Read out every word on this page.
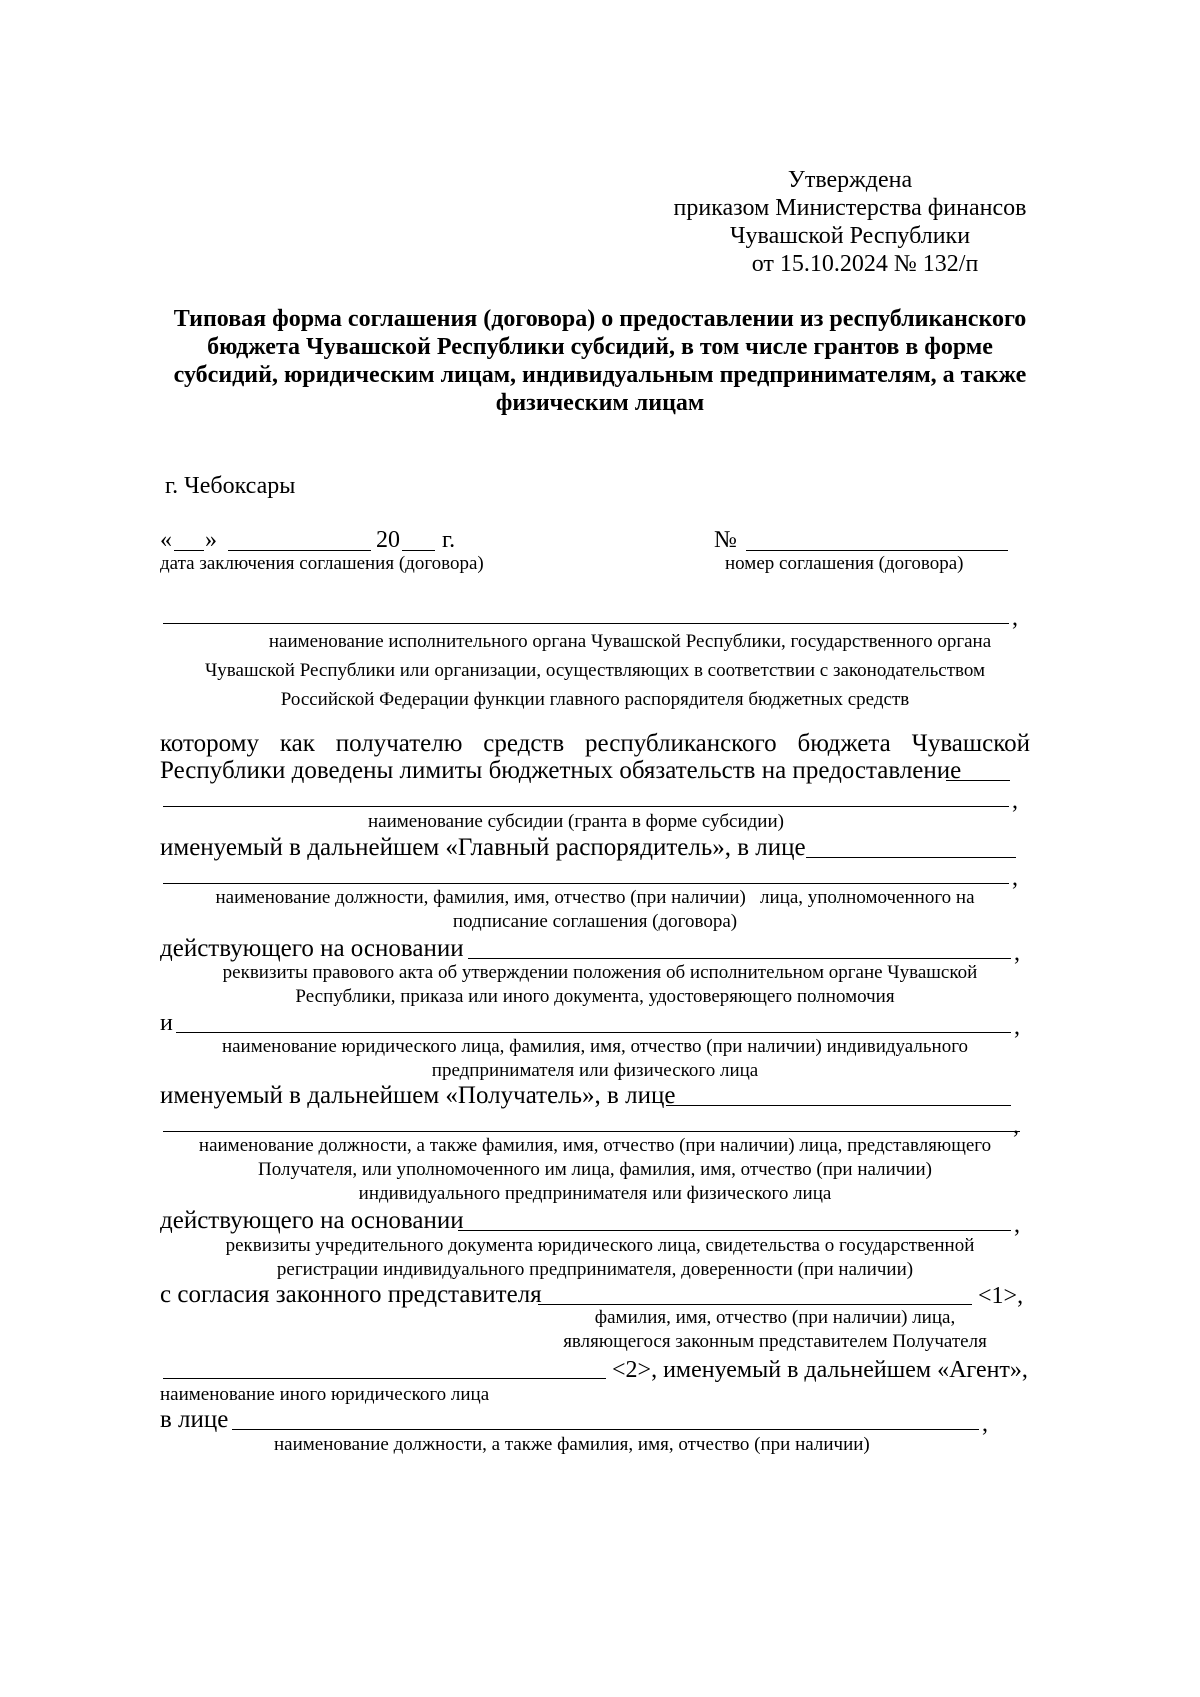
Утверждена
приказом Министерства финансов
Чувашской Республики
от 15.10.2024 № 132/п
Типовая форма соглашения (договора) о предоставлении из республиканского
бюджета Чувашской Республики субсидий, в том числе грантов в форме
субсидий, юридическим лицам, индивидуальным предпринимателям, а также
физическим лицам
г. Чебоксары
« »	20 г.
дата заключения соглашения (договора)
№
номер соглашения (договора)
,
наименование исполнительного органа Чувашской Республики, государственного органа
Чувашской Республики или организации, осуществляющих в соответствии с законодательством
Российской Федерации функции главного распорядителя бюджетных средств
которому как получателю средств республиканского бюджета Чувашской
Республики доведены лимиты бюджетных обязательств на предоставление
,
наименование субсидии (гранта в форме субсидии)
именуемый в дальнейшем «Главный распорядитель», в лице
,
наименование должности, фамилия, имя, отчество (при наличии)   лица, уполномоченного на
подписание соглашения (договора)
действующего на основании	,
реквизиты правового акта об утверждении положения об исполнительном органе Чувашской
Республики, приказа или иного документа, удостоверяющего полномочия
и	,
наименование юридического лица, фамилия, имя, отчество (при наличии) индивидуального
предпринимателя или физического лица
именуемый в дальнейшем «Получатель», в лице
,
наименование должности, а также фамилия, имя, отчество (при наличии) лица, представляющего
Получателя, или уполномоченного им лица, фамилия, имя, отчество (при наличии)
индивидуального предпринимателя или физического лица
действующего на основании	,
реквизиты учредительного документа юридического лица, свидетельства о государственной
регистрации индивидуального предпринимателя, доверенности (при наличии)
с согласия законного представителя	<1>,
фамилия, имя, отчество (при наличии) лица,
являющегося законным представителем Получателя
<2>, именуемый в дальнейшем «Агент»,
наименование иного юридического лица
в лице	,
наименование должности, а также фамилия, имя, отчество (при наличии)
